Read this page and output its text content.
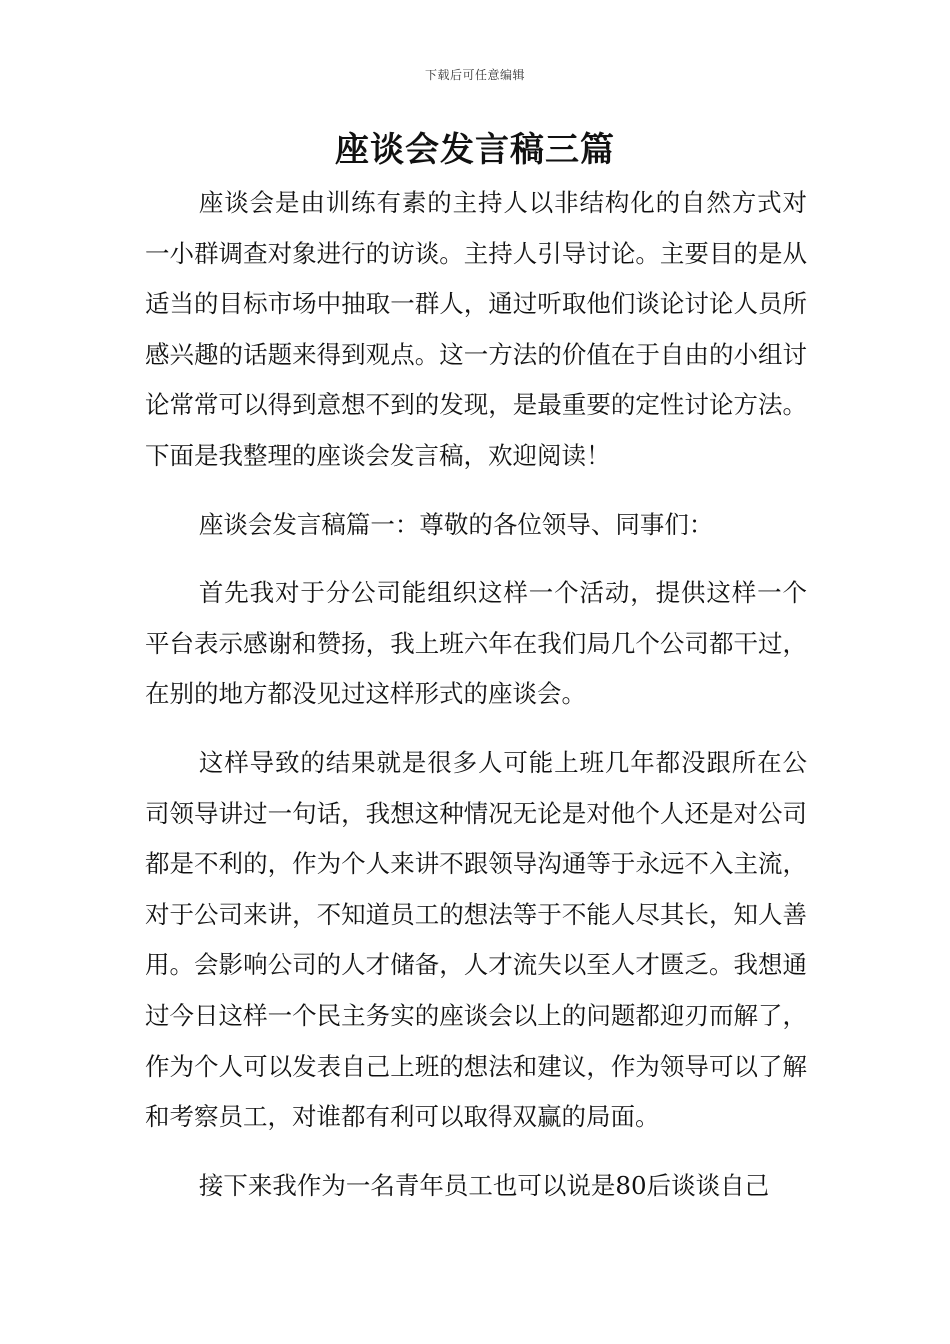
下载后可任意编辑
座谈会发言稿三篇

座谈会是由训练有素的主持人以非结构化的自然方式对一小群调查对象进行的访谈。主持人引导讨论。主要目的是从适当的目标市场中抽取一群人，通过听取他们谈论讨论人员所感兴趣的话题来得到观点。这一方法的价值在于自由的小组讨论常常可以得到意想不到的发现，是最重要的定性讨论方法。下面是我整理的座谈会发言稿，欢迎阅读！

座谈会发言稿篇一：尊敬的各位领导、同事们：

首先我对于分公司能组织这样一个活动，提供这样一个平台表示感谢和赞扬，我上班六年在我们局几个公司都干过，在别的地方都没见过这样形式的座谈会。

这样导致的结果就是很多人可能上班几年都没跟所在公司领导讲过一句话，我想这种情况无论是对他个人还是对公司都是不利的，作为个人来讲不跟领导沟通等于永远不入主流，对于公司来讲，不知道员工的想法等于不能人尽其长，知人善用。会影响公司的人才储备，人才流失以至人才匮乏。我想通过今日这样一个民主务实的座谈会以上的问题都迎刃而解了，作为个人可以发表自己上班的想法和建议，作为领导可以了解和考察员工，对谁都有利可以取得双赢的局面。

接下来我作为一名青年员工也可以说是80后谈谈自己
